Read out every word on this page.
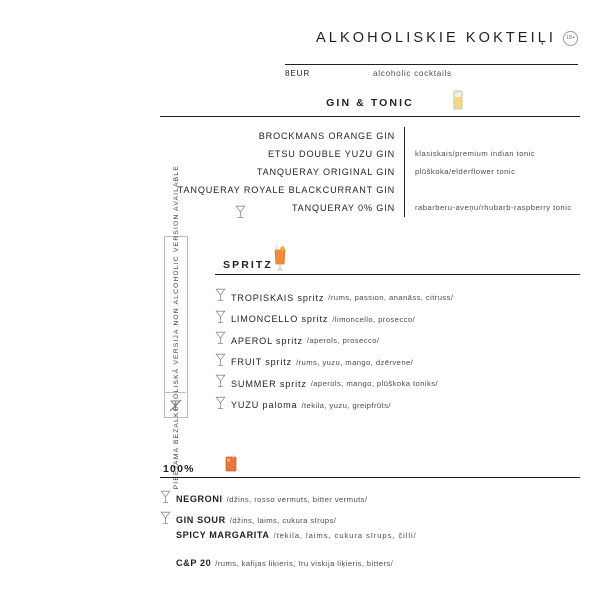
ALKOHOLISKIE KOKTEIĻI	18+
8EUR	alcoholic cocktails
GIN & TONIC
BROCKMANS ORANGE GIN
ETSU DOUBLE YUZU GIN	klasiskais/premium indian tonic
TANQUERAY ORIGINAL GIN	plūškoka/elderflower tonic
TANQUERAY ROYALE BLACKCURRANT GIN
TANQUERAY 0% GIN	rabarberu-aveņu/rhubarb-raspberry tonic
PIEEJAMA BEZALKOHOLISKĀ VERSIJA NON ALCOHOLIC VERSION AVAILABLE	SPRITZ
TROPISKAIS spritz /rums, passion, ananāss, citruss/
LIMONCELLO spritz /limoncello, prosecco/
APEROL spritz /aperols, prosecco/
FRUIT spritz /rums, yuzu, mango, dzērvene/
SUMMER spritz /aperols, mango, plūškoka toniks/
YUZU paloma /tekila, yuzu, greipfrūts/
100%
NEGRONI /džins, rosso vermuts, bitter vermuts/
GIN SOUR /džins, laims, cukura sīrups/
SPICY MARGARITA /tekila, laims, cukura sīrups, čilli/
C&P 20 /rums, kafijas liķieris, īru viskija liķieris, bitters/
